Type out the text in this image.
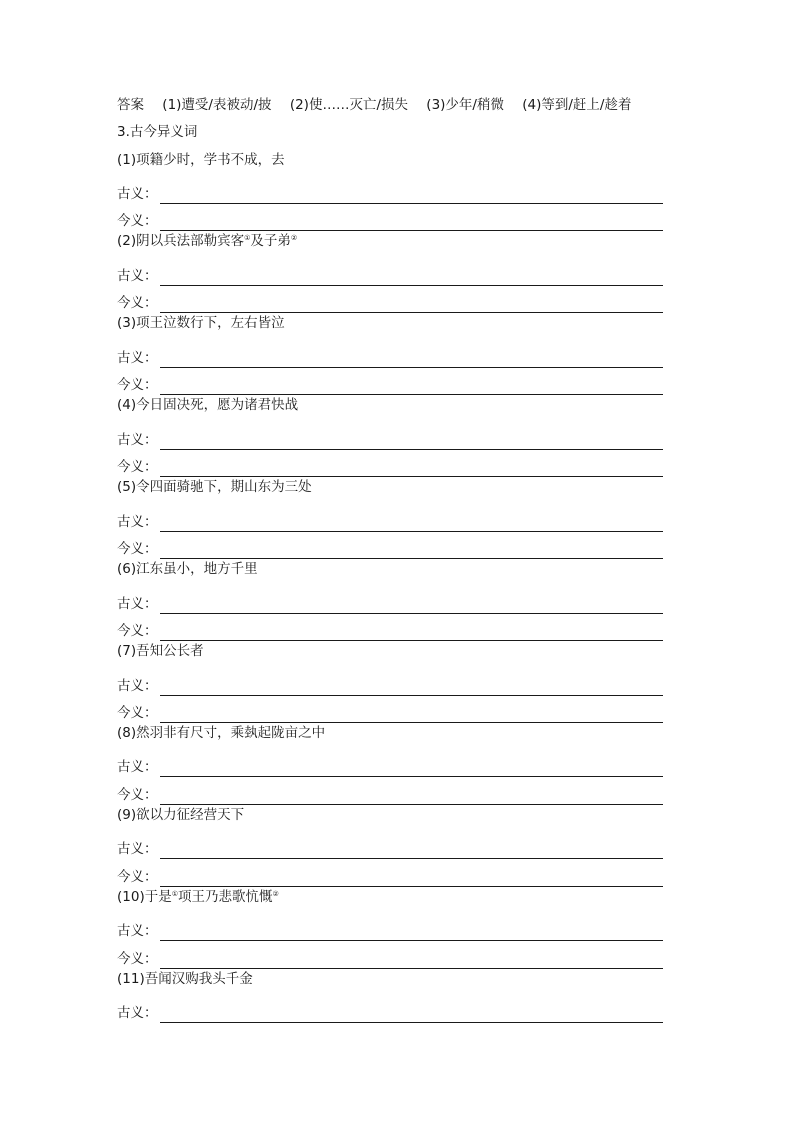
答案 (1)遭受/表被动/披 (2)使……灭亡/损失 (3)少年/稍微 (4)等到/赶上/趁着
3.古今异义词
(1)项籍少时，学书不成，去
古义：
今义：
(2)阴以兵法部勒宾客①及子弟②
古义：
今义：
(3)项王泣数行下，左右皆泣
古义：
今义：
(4)今日固决死，愿为诸君快战
古义：
今义：
(5)令四面骑驰下，期山东为三处
古义：
今义：
(6)江东虽小，地方千里
古义：
今义：
(7)吾知公长者
古义：
今义：
(8)然羽非有尺寸，乘埶起陇亩之中
古义：
今义：
(9)欲以力征经营天下
古义：
今义：
(10)于是①项王乃悲歌忼慨②
古义：
今义：
(11)吾闻汉购我头千金
古义：
